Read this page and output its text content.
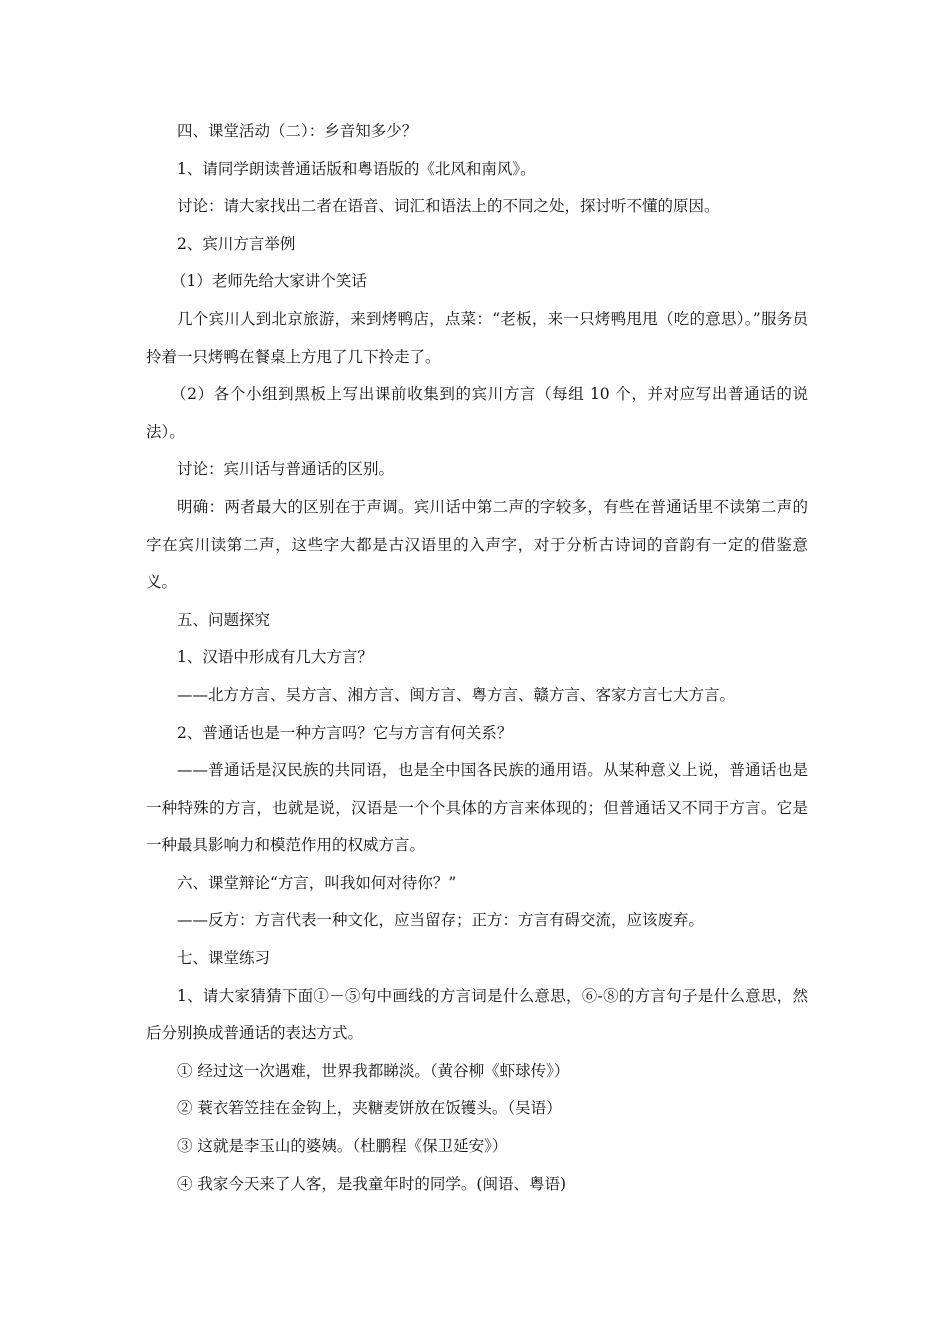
四、课堂活动（二）：乡音知多少？

1、请同学朗读普通话版和粤语版的《北风和南风》。

讨论：请大家找出二者在语音、词汇和语法上的不同之处，探讨听不懂的原因。

2、宾川方言举例

（1）老师先给大家讲个笑话

几个宾川人到北京旅游，来到烤鸭店，点菜：“老板，来一只烤鸭甩甩（吃的意思）。”服务员拎着一只烤鸭在餐桌上方甩了几下拎走了。

（2）各个小组到黑板上写出课前收集到的宾川方言（每组 10 个，并对应写出普通话的说法）。

讨论：宾川话与普通话的区别。

明确：两者最大的区别在于声调。宾川话中第二声的字较多，有些在普通话里不读第二声的字在宾川读第二声，这些字大都是古汉语里的入声字，对于分析古诗词的音韵有一定的借鉴意义。

五、问题探究

1、汉语中形成有几大方言？

——北方方言、吴方言、湘方言、闽方言、粤方言、赣方言、客家方言七大方言。

2、普通话也是一种方言吗？它与方言有何关系？

——普通话是汉民族的共同语，也是全中国各民族的通用语。从某种意义上说，普通话也是一种特殊的方言，也就是说，汉语是一个个具体的方言来体现的；但普通话又不同于方言。它是一种最具影响力和模范作用的权威方言。

六、课堂辩论“方言，叫我如何对待你？”

——反方：方言代表一种文化，应当留存；正方：方言有碍交流，应该废弃。

七、课堂练习

1、请大家猜猜下面①－⑤句中画线的方言词是什么意思，⑥-⑧的方言句子是什么意思，然后分别换成普通话的表达方式。

① 经过这一次遇难，世界我都睇淡。（黄谷柳《虾球传》）

② 蓑衣箬笠挂在金钩上，夹糖麦饼放在饭镬头。（吴语）

③ 这就是李玉山的婆姨。（杜鹏程《保卫延安》）

④ 我家今天来了人客，是我童年时的同学。(闽语、粤语)
